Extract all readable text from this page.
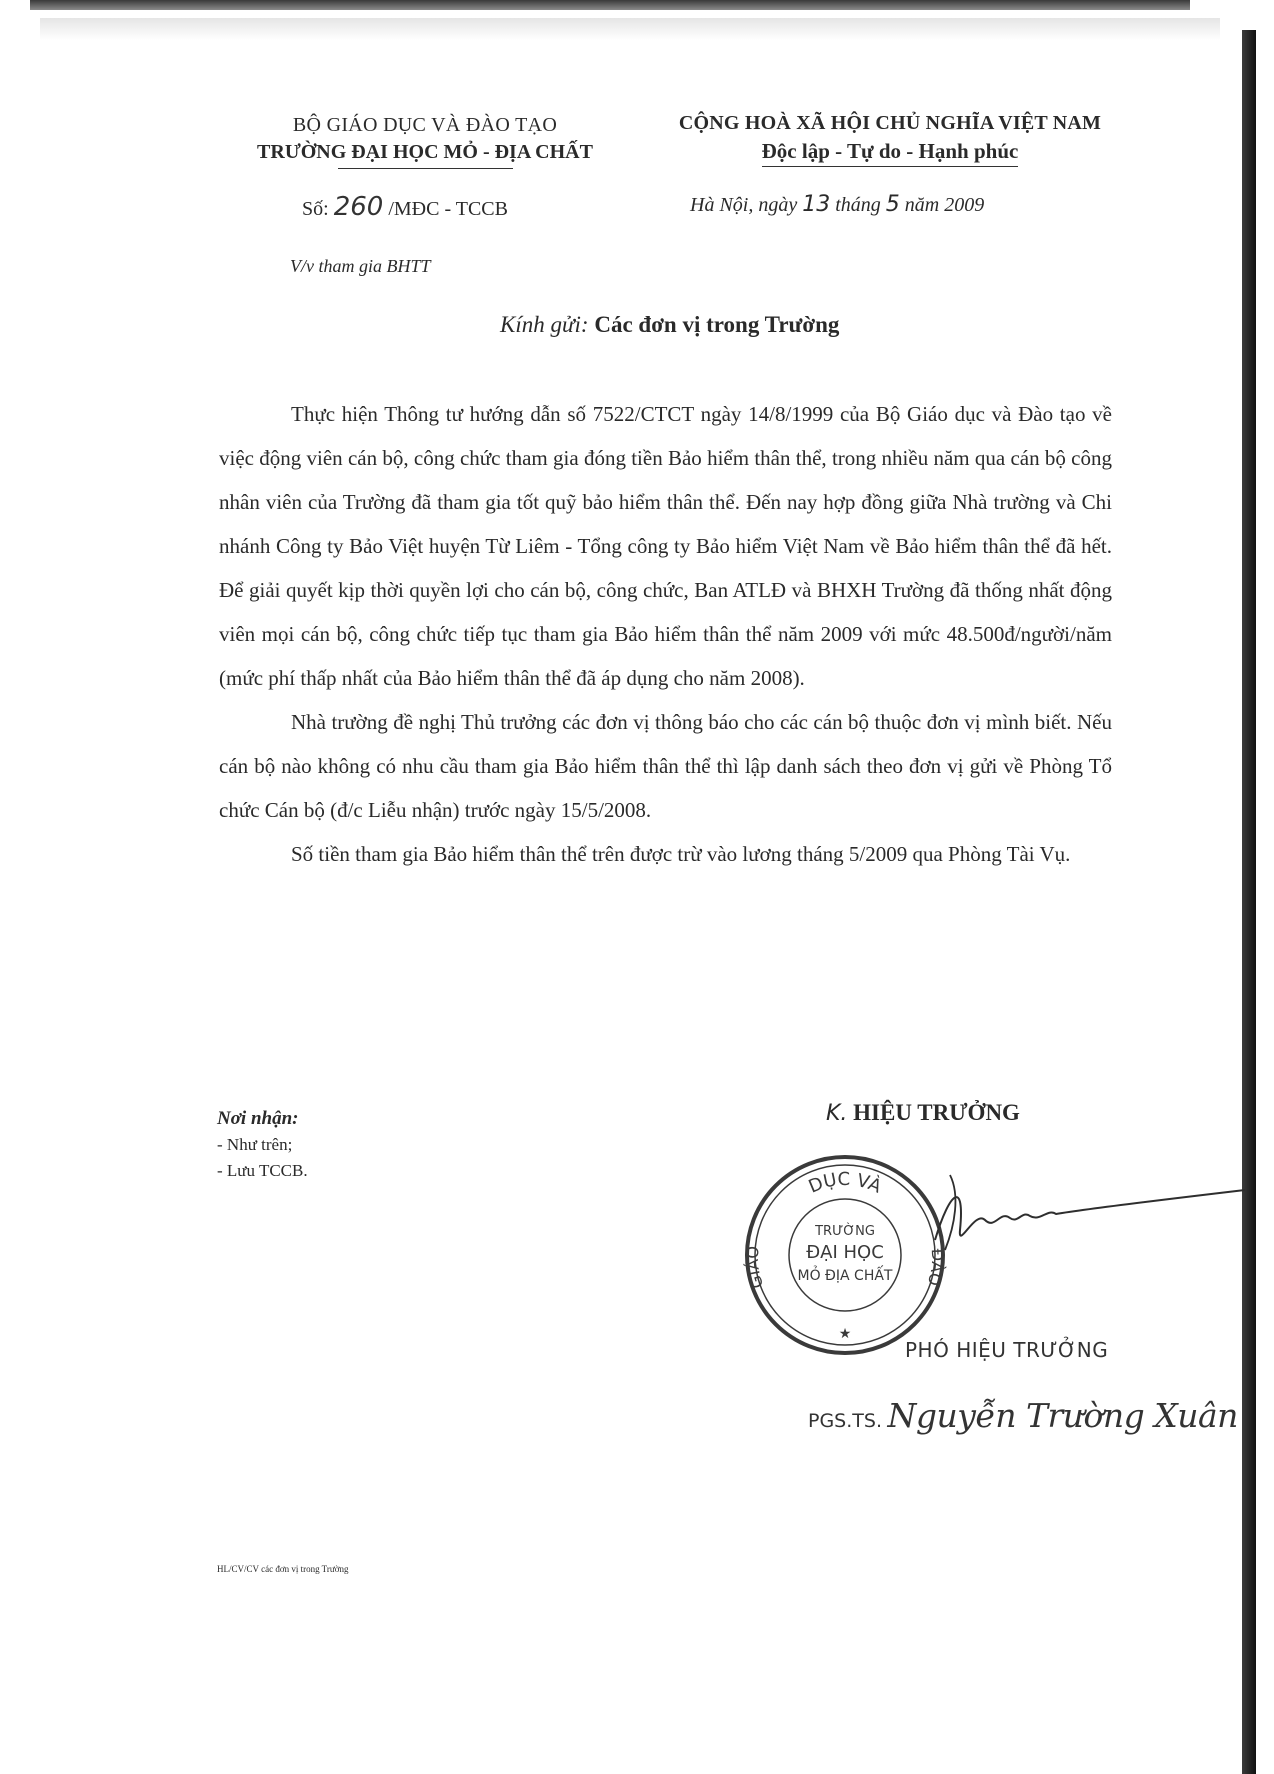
BỘ GIÁO DỤC VÀ ĐÀO TẠO
TRƯỜNG ĐẠI HỌC MỎ - ĐỊA CHẤT
CỘNG HOÀ XÃ HỘI CHỦ NGHĨA VIỆT NAM
Độc lập - Tự do - Hạnh phúc
Số: 260 /MĐC - TCCB	Hà Nội, ngày 13 tháng 5 năm 2009
V/v tham gia BHTT
Kính gửi: Các đơn vị trong Trường

Thực hiện Thông tư hướng dẫn số 7522/CTCT ngày 14/8/1999 của Bộ Giáo dục và Đào tạo về việc động viên cán bộ, công chức tham gia đóng tiền Bảo hiểm thân thể, trong nhiều năm qua cán bộ công nhân viên của Trường đã tham gia tốt quỹ bảo hiểm thân thể. Đến nay hợp đồng giữa Nhà trường và Chi nhánh Công ty Bảo Việt huyện Từ Liêm - Tổng công ty Bảo hiểm Việt Nam về Bảo hiểm thân thể đã hết. Để giải quyết kịp thời quyền lợi cho cán bộ, công chức, Ban ATLĐ và BHXH Trường đã thống nhất động viên mọi cán bộ, công chức tiếp tục tham gia Bảo hiểm thân thể năm 2009 với mức 48.500đ/người/năm (mức phí thấp nhất của Bảo hiểm thân thể đã áp dụng cho năm 2008).

Nhà trường đề nghị Thủ trưởng các đơn vị thông báo cho các cán bộ thuộc đơn vị mình biết. Nếu cán bộ nào không có nhu cầu tham gia Bảo hiểm thân thể thì lập danh sách theo đơn vị gửi về Phòng Tổ chức Cán bộ (đ/c Liễu nhận) trước ngày 15/5/2008.

Số tiền tham gia Bảo hiểm thân thể trên được trừ vào lương tháng 5/2009 qua Phòng Tài Vụ.

Nơi nhận:
- Như trên;
- Lưu TCCB.
K. HIỆU TRƯỞNG
DỤC VÀ
GIÁO	ĐÀO
TRƯỜNG
ĐẠI HỌC
MỎ ĐỊA CHẤT
★
PHÓ HIỆU TRƯỞNG
PGS.TS. Nguyễn Trường Xuân
HL/CV/CV các đơn vị trong Trường
